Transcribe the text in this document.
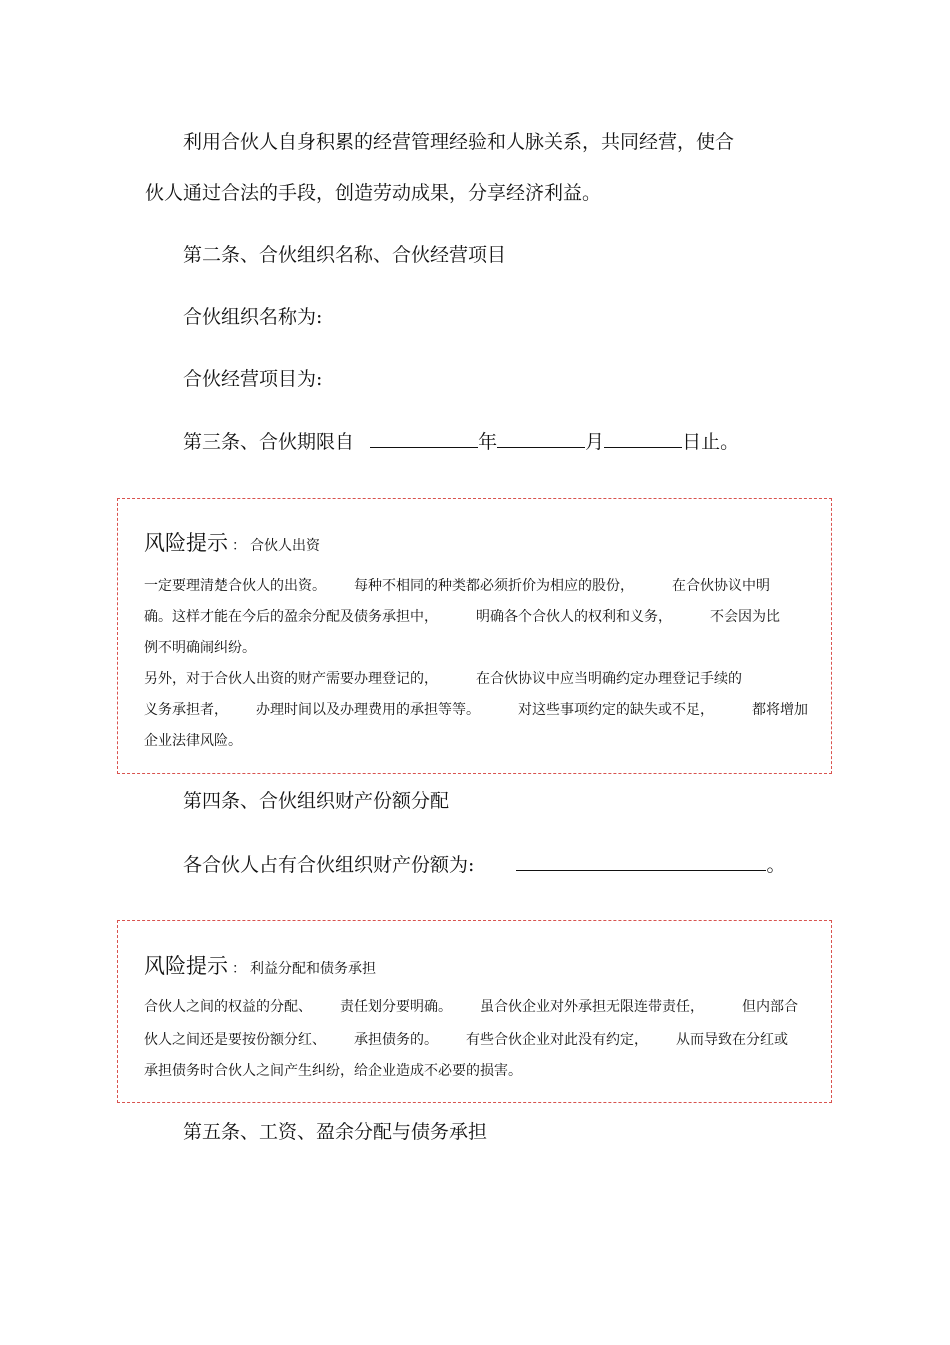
利用合伙人自身积累的经营管理经验和人脉关系，共同经营，使合
伙人通过合法的手段，创造劳动成果，分享经济利益。
第二条、合伙组织名称、合伙经营项目
合伙组织名称为:
合伙经营项目为:
第三条、合伙期限自	年	月	日止。
风险提示 ： 合伙人出资
一定要理清楚合伙人的出资。 每种不相同的种类都必须折价为相应的股份，	在合伙协议中明
确。这样才能在今后的盈余分配及债务承担中，	明确各个合伙人的权利和义务，	不会因为比
例不明确闹纠纷。
另外，对于合伙人出资的财产需要办理登记的，	在合伙协议中应当明确约定办理登记手续的
义务承担者， 办理时间以及办理费用的承担等等。	对这些事项约定的缺失或不足，	都将增加
企业法律风险。
第四条、合伙组织财产份额分配
各合伙人占有合伙组织财产份额为:	。
风险提示 ： 利益分配和债务承担
合伙人之间的权益的分配、 责任划分要明确。 虽合伙企业对外承担无限连带责任，	但内部合
伙人之间还是要按份额分红、 承担债务的。 有些合伙企业对此没有约定， 从而导致在分红或
承担债务时合伙人之间产生纠纷，给企业造成不必要的损害。
第五条、工资、盈余分配与债务承担
